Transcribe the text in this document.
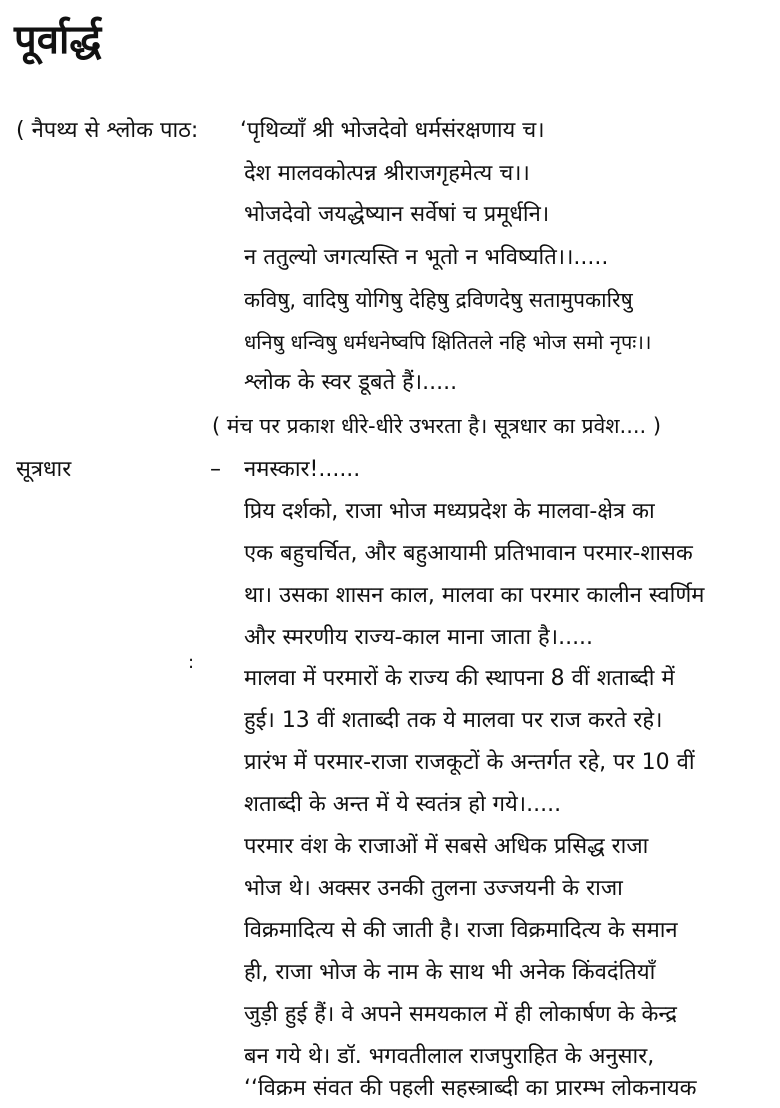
पूर्वार्द्ध
( नैपथ्य से श्लोक पाठ: ‘पृथिव्याँ श्री भोजदेवो धर्मसंरक्षणाय च।
देश मालवकोत्पन्न श्रीराजगृहमेत्य च।।
भोजदेवो जयद्धेष्यान सर्वेषां च प्रमूर्धनि।
न ततुल्यो जगत्यस्ति न भूतो न भविष्यति।।.....
कविषु, वादिषु योगिषु देहिषु द्रविणदेषु सतामुपकारिषु
धनिषु धन्विषु धर्मधनेष्वपि क्षितितले नहि भोज समो नृपः।।
श्लोक के स्वर डूबते हैं।.....
( मंच पर प्रकाश धीरे-धीरे उभरता है। सूत्रधार का प्रवेश.... )
सूत्रधार	–
:
नमस्कार!......
प्रिय दर्शको, राजा भोज मध्यप्रदेश के मालवा-क्षेत्र का
एक बहुचर्चित, और बहुआयामी प्रतिभावान परमार-शासक
था। उसका शासन काल, मालवा का परमार कालीन स्वर्णिम
और स्मरणीय राज्य-काल माना जाता है।.....
मालवा में परमारों के राज्य की स्थापना 8 वीं शताब्दी में
हुई। 13 वीं शताब्दी तक ये मालवा पर राज करते रहे।
प्रारंभ में परमार-राजा राजकूटों के अन्तर्गत रहे, पर 10 वीं
शताब्दी के अन्त में ये स्वतंत्र हो गये।.....
परमार वंश के राजाओं में सबसे अधिक प्रसिद्ध राजा
भोज थे। अक्सर उनकी तुलना उज्जयनी के राजा
विक्रमादित्य से की जाती है। राजा विक्रमादित्य के समान
ही, राजा भोज के नाम के साथ भी अनेक किंवदंतियाँ
जुड़ी हुई हैं। वे अपने समयकाल में ही लोकार्षण के केन्द्र
बन गये थे। डॉ. भगवतीलाल राजपुराहित के अनुसार,
‘‘विक्रम संवत की पहली सहस्त्राब्दी का प्रारम्भ लोकनायक
